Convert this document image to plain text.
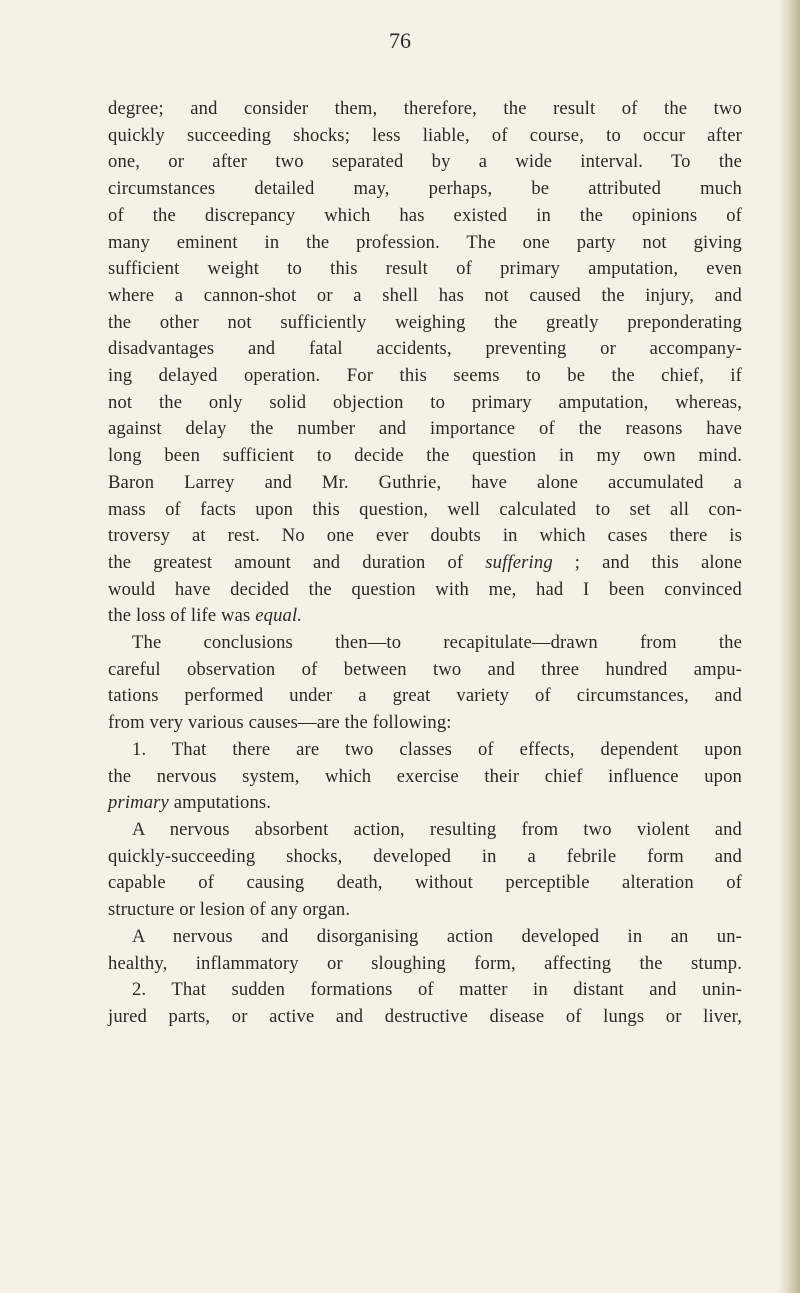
76

degree; and consider them, therefore, the result of the two
quickly succeeding shocks; less liable, of course, to occur after
one, or after two separated by a wide interval. To the
circumstances detailed may, perhaps, be attributed much
of the discrepancy which has existed in the opinions of
many eminent in the profession. The one party not giving
sufficient weight to this result of primary amputation, even
where a cannon-shot or a shell has not caused the injury, and
the other not sufficiently weighing the greatly preponderating
disadvantages and fatal accidents, preventing or accompany-
ing delayed operation. For this seems to be the chief, if
not the only solid objection to primary amputation, whereas,
against delay the number and importance of the reasons have
long been sufficient to decide the question in my own mind.
Baron Larrey and Mr. Guthrie, have alone accumulated a
mass of facts upon this question, well calculated to set all con-
troversy at rest. No one ever doubts in which cases there is
the greatest amount and duration of suffering ; and this alone
would have decided the question with me, had I been convinced
the loss of life was equal.
The conclusions then—to recapitulate—drawn from the
careful observation of between two and three hundred ampu-
tations performed under a great variety of circumstances, and
from very various causes—are the following:
1. That there are two classes of effects, dependent upon
the nervous system, which exercise their chief influence upon
primary amputations.
A nervous absorbent action, resulting from two violent and
quickly-succeeding shocks, developed in a febrile form and
capable of causing death, without perceptible alteration of
structure or lesion of any organ.
A nervous and disorganising action developed in an un-
healthy, inflammatory or sloughing form, affecting the stump.
2. That sudden formations of matter in distant and unin-
jured parts, or active and destructive disease of lungs or liver,
